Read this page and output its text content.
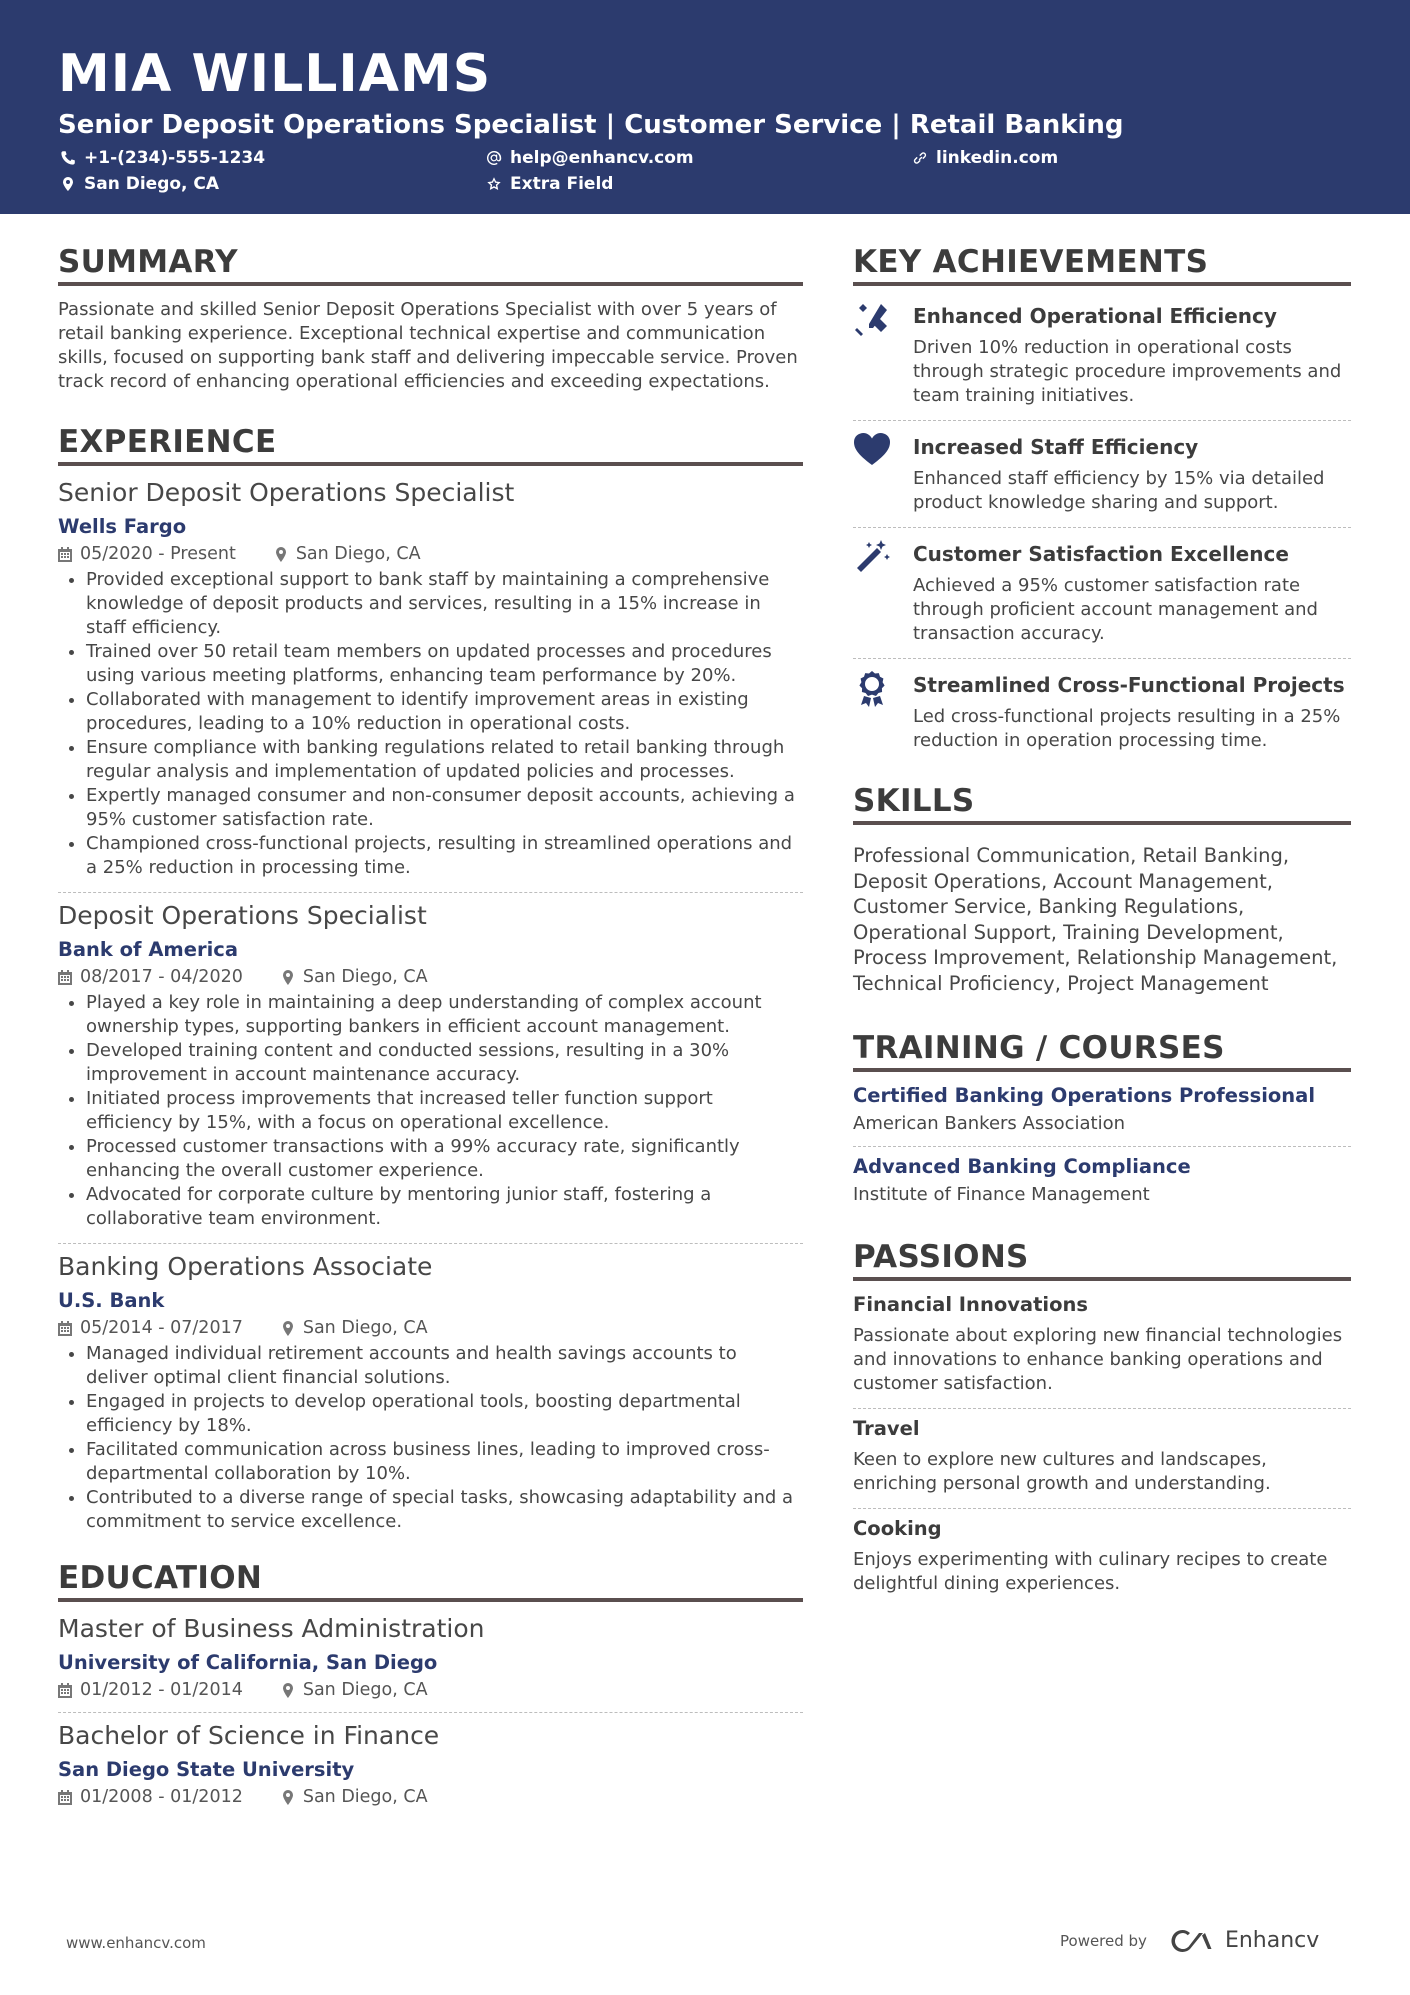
MIA WILLIAMS
Senior Deposit Operations Specialist | Customer Service | Retail Banking
+1-(234)-555-1234	help@enhancv.com	linkedin.com
San Diego, CA	Extra Field
SUMMARY
Passionate and skilled Senior Deposit Operations Specialist with over 5 years of retail banking experience. Exceptional technical expertise and communication skills, focused on supporting bank staff and delivering impeccable service. Proven track record of enhancing operational efficiencies and exceeding expectations.
EXPERIENCE
Senior Deposit Operations Specialist
Wells Fargo
05/2020 - Present	San Diego, CA
• Provided exceptional support to bank staff by maintaining a comprehensive knowledge of deposit products and services, resulting in a 15% increase in staff efficiency.
• Trained over 50 retail team members on updated processes and procedures using various meeting platforms, enhancing team performance by 20%.
• Collaborated with management to identify improvement areas in existing procedures, leading to a 10% reduction in operational costs.
• Ensure compliance with banking regulations related to retail banking through regular analysis and implementation of updated policies and processes.
• Expertly managed consumer and non-consumer deposit accounts, achieving a 95% customer satisfaction rate.
• Championed cross-functional projects, resulting in streamlined operations and a 25% reduction in processing time.
Deposit Operations Specialist
Bank of America
08/2017 - 04/2020	San Diego, CA
• Played a key role in maintaining a deep understanding of complex account ownership types, supporting bankers in efficient account management.
• Developed training content and conducted sessions, resulting in a 30% improvement in account maintenance accuracy.
• Initiated process improvements that increased teller function support efficiency by 15%, with a focus on operational excellence.
• Processed customer transactions with a 99% accuracy rate, significantly enhancing the overall customer experience.
• Advocated for corporate culture by mentoring junior staff, fostering a collaborative team environment.
Banking Operations Associate
U.S. Bank
05/2014 - 07/2017	San Diego, CA
• Managed individual retirement accounts and health savings accounts to deliver optimal client financial solutions.
• Engaged in projects to develop operational tools, boosting departmental efficiency by 18%.
• Facilitated communication across business lines, leading to improved cross-departmental collaboration by 10%.
• Contributed to a diverse range of special tasks, showcasing adaptability and a commitment to service excellence.
EDUCATION
Master of Business Administration
University of California, San Diego
01/2012 - 01/2014	San Diego, CA
Bachelor of Science in Finance
San Diego State University
01/2008 - 01/2012	San Diego, CA
KEY ACHIEVEMENTS
Enhanced Operational Efficiency
Driven 10% reduction in operational costs through strategic procedure improvements and team training initiatives.
Increased Staff Efficiency
Enhanced staff efficiency by 15% via detailed product knowledge sharing and support.
Customer Satisfaction Excellence
Achieved a 95% customer satisfaction rate through proficient account management and transaction accuracy.
Streamlined Cross-Functional Projects
Led cross-functional projects resulting in a 25% reduction in operation processing time.
SKILLS
Professional Communication, Retail Banking, Deposit Operations, Account Management, Customer Service, Banking Regulations, Operational Support, Training Development, Process Improvement, Relationship Management, Technical Proficiency, Project Management
TRAINING / COURSES
Certified Banking Operations Professional
American Bankers Association
Advanced Banking Compliance
Institute of Finance Management
PASSIONS
Financial Innovations
Passionate about exploring new financial technologies and innovations to enhance banking operations and customer satisfaction.
Travel
Keen to explore new cultures and landscapes, enriching personal growth and understanding.
Cooking
Enjoys experimenting with culinary recipes to create delightful dining experiences.
www.enhancv.com	Powered by	Enhancv
